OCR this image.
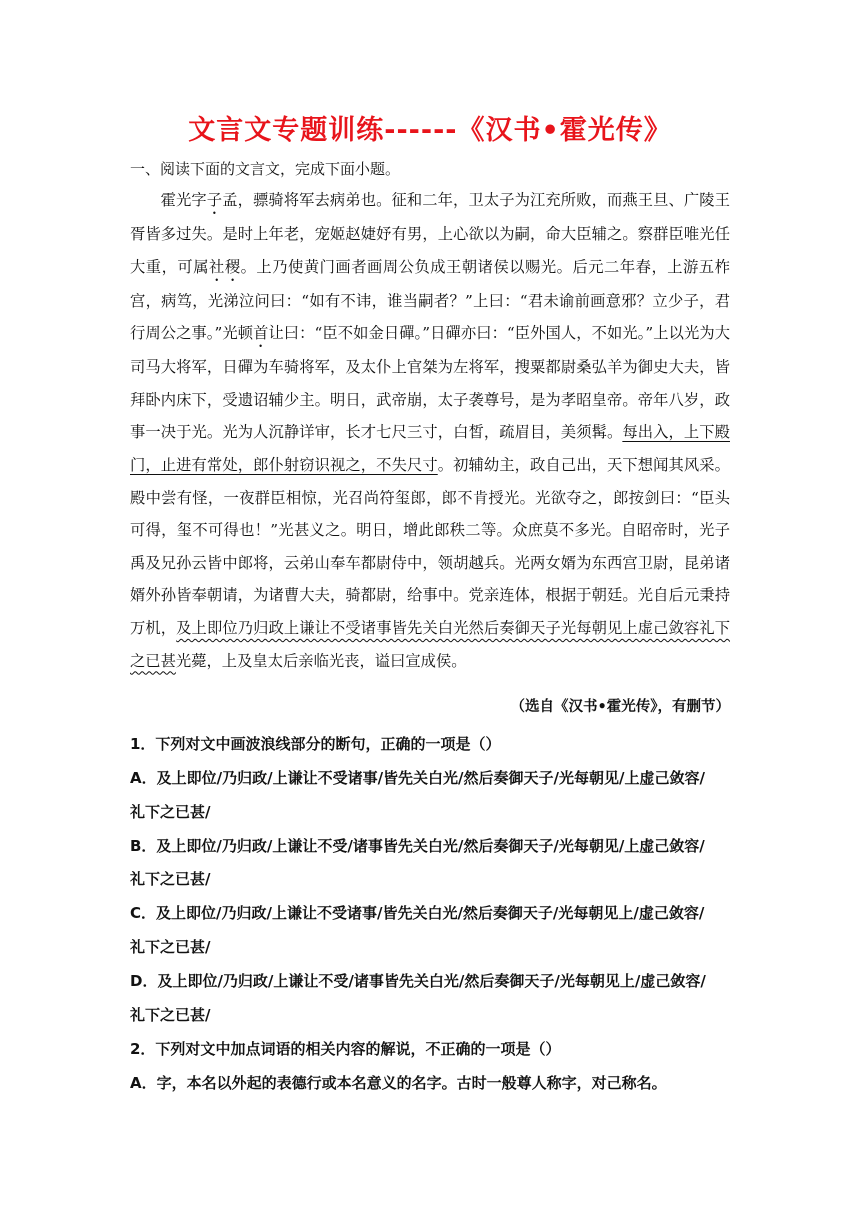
文言文专题训练------《汉书•霍光传》
一、阅读下面的文言文，完成下面小题。

霍光字子孟，骠骑将军去病弟也。征和二年，卫太子为江充所败，而燕王旦、广陵王胥皆多过失。是时上年老，宠姬赵婕妤有男，上心欲以为嗣，命大臣辅之。察群臣唯光任大重，可属社稷。上乃使黄门画者画周公负成王朝诸侯以赐光。后元二年春，上游五柞宫，病笃，光涕泣问曰：“如有不讳，谁当嗣者？”上曰：“君未谕前画意邪？立少子，君行周公之事。”光顿首让曰：“臣不如金日磾。”日磾亦曰：“臣外国人，不如光。”上以光为大司马大将军，日磾为车骑将军，及太仆上官桀为左将军，搜粟都尉桑弘羊为御史大夫，皆拜卧内床下，受遗诏辅少主。明日，武帝崩，太子袭尊号，是为孝昭皇帝。帝年八岁，政事一决于光。光为人沉静详审，长才七尺三寸，白皙，疏眉目，美须髯。每出入，上下殿门，止进有常处，郎仆射窃识视之，不失尺寸。初辅幼主，政自己出，天下想闻其风采。殿中尝有怪，一夜群臣相惊，光召尚符玺郎，郎不肯授光。光欲夺之，郎按剑曰：“臣头可得，玺不可得也！”光甚义之。明日，增此郎秩二等。众庶莫不多光。自昭帝时，光子禹及兄孙云皆中郎将，云弟山奉车都尉侍中，领胡越兵。光两女婿为东西宫卫尉，昆弟诸婿外孙皆奉朝请，为诸曹大夫，骑都尉，给事中。党亲连体，根据于朝廷。光自后元秉持万机，及上即位乃归政上谦让不受诸事皆先关白光然后奏御天子光每朝见上虚己敛容礼下之已甚光薨，上及皇太后亲临光丧，谥曰宣成侯。

（选自《汉书•霍光传》，有删节）
1．下列对文中画波浪线部分的断句，正确的一项是（）
A．及上即位/乃归政/上谦让不受诸事/皆先关白光/然后奏御天子/光每朝见/上虚己敛容/
礼下之已甚/
B．及上即位/乃归政/上谦让不受/诸事皆先关白光/然后奏御天子/光每朝见/上虚己敛容/
礼下之已甚/
C．及上即位/乃归政/上谦让不受诸事/皆先关白光/然后奏御天子/光每朝见上/虚己敛容/
礼下之已甚/
D．及上即位/乃归政/上谦让不受/诸事皆先关白光/然后奏御天子/光每朝见上/虚己敛容/
礼下之已甚/
2．下列对文中加点词语的相关内容的解说，不正确的一项是（）
A．字，本名以外起的表德行或本名意义的名字。古时一般尊人称字，对己称名。
